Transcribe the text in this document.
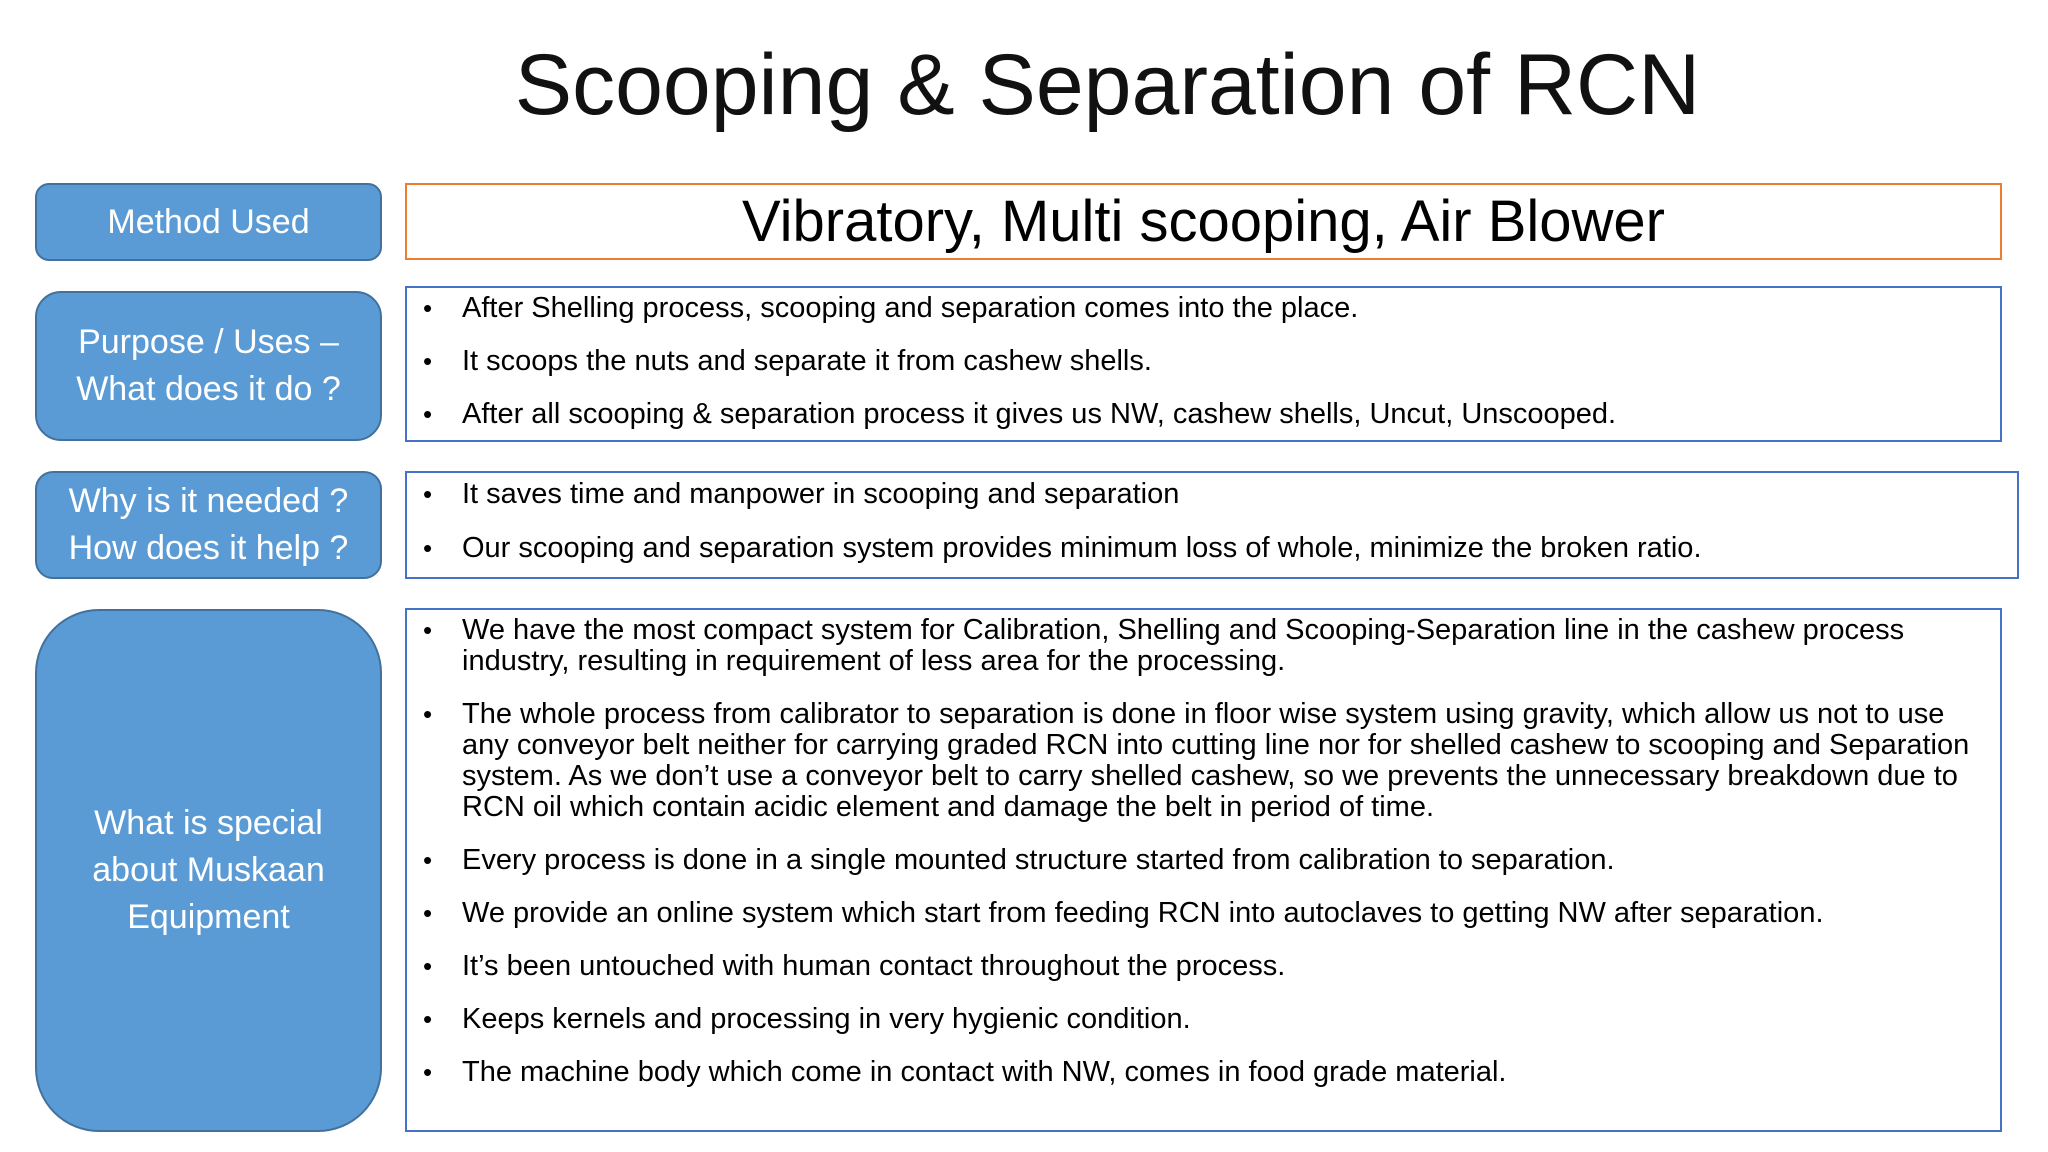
Scooping & Separation of RCN
Method Used	Vibratory, Multi scooping, Air Blower
Purpose / Uses –
What does it do ?
• After Shelling process, scooping and separation comes into the place.
• It scoops the nuts and separate it from cashew shells.
• After all scooping & separation process it gives us NW, cashew shells, Uncut, Unscooped.
Why is it needed ?
How does it help ?
• It saves time and manpower in scooping and separation
• Our scooping and separation system provides minimum loss of whole, minimize the broken ratio.
What is special
about Muskaan
Equipment
• We have the most compact system for Calibration, Shelling and Scooping-Separation line in the cashew process industry, resulting in requirement of less area for the processing.
• The whole process from calibrator to separation is done in floor wise system using gravity, which allow us not to use any conveyor belt neither for carrying graded RCN into cutting line nor for shelled cashew to scooping and Separation system. As we don’t use a conveyor belt to carry shelled cashew, so we prevents the unnecessary breakdown due to RCN oil which contain acidic element and damage the belt in period of time.
• Every process is done in a single mounted structure started from calibration to separation.
• We provide an online system which start from feeding RCN into autoclaves to getting NW after separation.
• It’s been untouched with human contact throughout the process.
• Keeps kernels and processing in very hygienic condition.
• The machine body which come in contact with NW, comes in food grade material.
